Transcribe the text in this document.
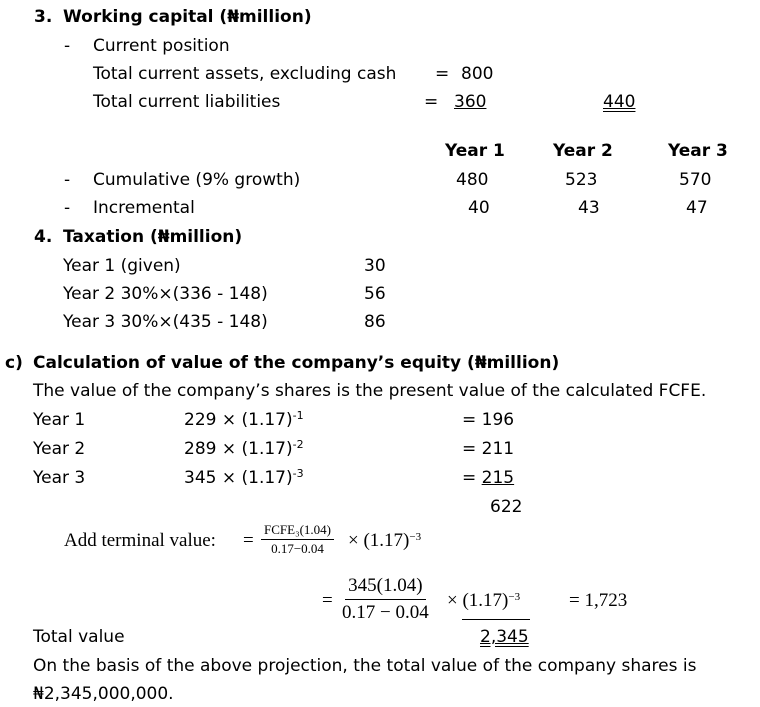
3. Working capital (₦million)
- Current position
Total current assets, excluding cash = 800
Total current liabilities	= 360	440
Year 1	Year 2	Year 3
- Cumulative (9% growth)	480	523	570
- Incremental	40	43	47
4. Taxation (₦million)
Year 1 (given)	30
Year 2 30%×(336 - 148)	56
Year 3 30%×(435 - 148)	86
c) Calculation of value of the company’s equity (₦million)
The value of the company’s shares is the present value of the calculated FCFE.
Year 1	$229 \times (1.17)^{-1}$	= 196
Year 2	$289 \times (1.17)^{-2}$	= 211
Year 3	$345 \times (1.17)^{-3}$	= 215
622
Add terminal value: =
FCFE₃(1.04)
$0.17-0.04 \times (1.17)^{-3}$
= $\frac{345(1.04)}{0.17 - 0.04} \times (1.17)^{-3}$	= 1,723
Total value	2,345
On the basis of the above projection, the total value of the company shares is
₦2,345,000,000.
